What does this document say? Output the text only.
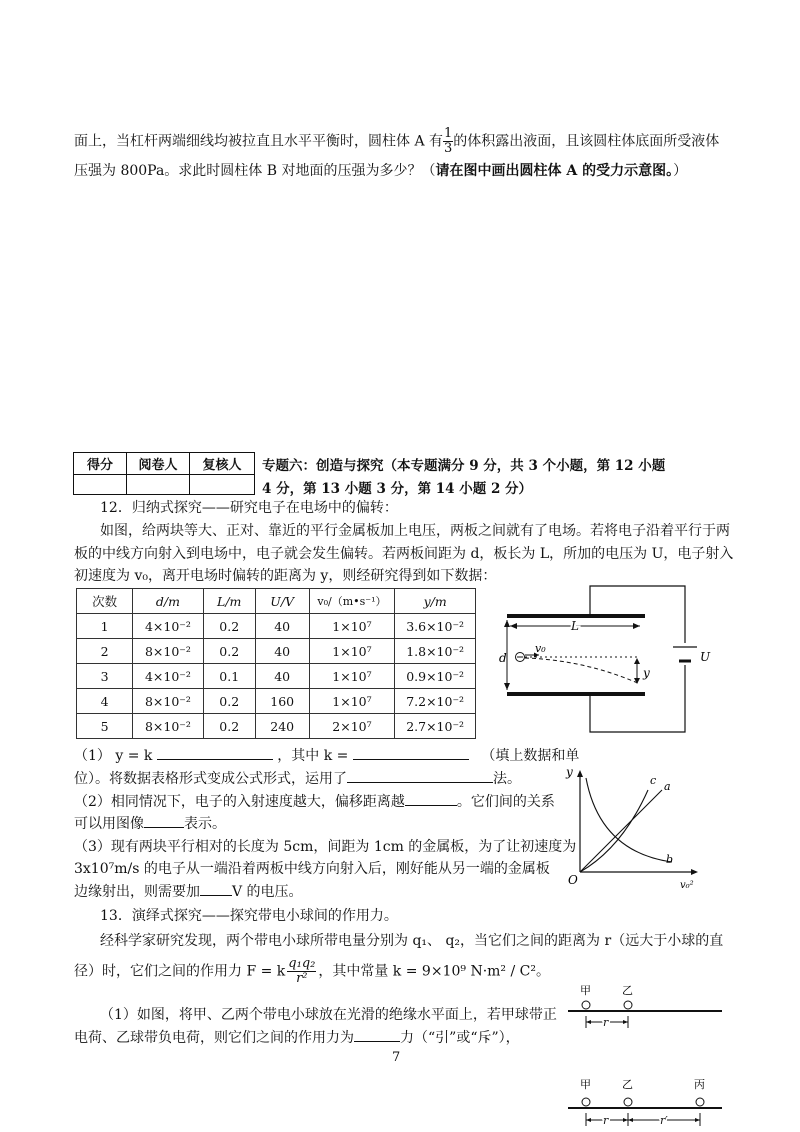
面上，当杠杆两端细线均被拉直且水平平衡时，圆柱体 A 有 $\frac{1}{3}$ 的体积露出液面，且该圆柱体底面所受液体
压强为 800Pa。求此时圆柱体 B 对地面的压强为多少？（请在图中画出圆柱体 A 的受力示意图。）
得分	阅卷人	复核人
		专题六：创造与探究（本专题满分 9 分，共 3 个小题，第 12 小题
4 分，第 13 小题 3 分，第 14 小题 2 分）
12．归纳式探究——研究电子在电场中的偏转：
如图，给两块等大、正对、靠近的平行金属板加上电压，两板之间就有了电场。若将电子沿着平行于两
板的中线方向射入到电场中，电子就会发生偏转。若两板间距为 d，板长为 L，所加的电压为 U，电子射入
初速度为 v₀，离开电场时偏转的距离为 y，则经研究得到如下数据：
次数	d/m	L/m	U/V	v₀/（m•s⁻¹）	y/m
1	4×10⁻²	0.2	40	1×10⁷	3.6×10⁻²
2	8×10⁻²	0.2	40	1×10⁷	1.8×10⁻²
3	4×10⁻²	0.1	40	1×10⁷	0.9×10⁻²
4	8×10⁻²	0.2	160	1×10⁷	7.2×10⁻²
5	8×10⁻²	0.2	240	2×10⁷	2.7×10⁻²
U
L
d
v₀
y
（1） y = k	，其中 k =	（填上数据和单
位）。将数据表格形式变成公式形式，运用了	法。
（2）相同情况下，电子的入射速度越大，偏移距离越	。它们间的关系
可以用图像	表示。
（3）现有两块平行相对的长度为 5cm，间距为 1cm 的金属板，为了让初速度为
3x10⁷m/s 的电子从一端沿着两板中线方向射入后，刚好能从另一端的金属板
边缘射出，则需要加 V 的电压。
y
O	v₀²
a
b
c
13．演绎式探究——探究带电小球间的作用力。
经科学家研究发现，两个带电小球所带电量分别为 q₁、 q₂，当它们之间的距离为 r（远大于小球的直
径）时，它们之间的作用力 F = k $\frac{\text{q₁q₂}}{\text{r²}}$ ，其中常量 k = 9×10⁹ N·m² / C²。
（1）如图，将甲、乙两个带电小球放在光滑的绝缘水平面上，若甲球带正
电荷、乙球带负电荷，则它们之间的作用力为	力（“引”或“斥”），
甲	乙
r
7
甲	乙	丙
r	r′
